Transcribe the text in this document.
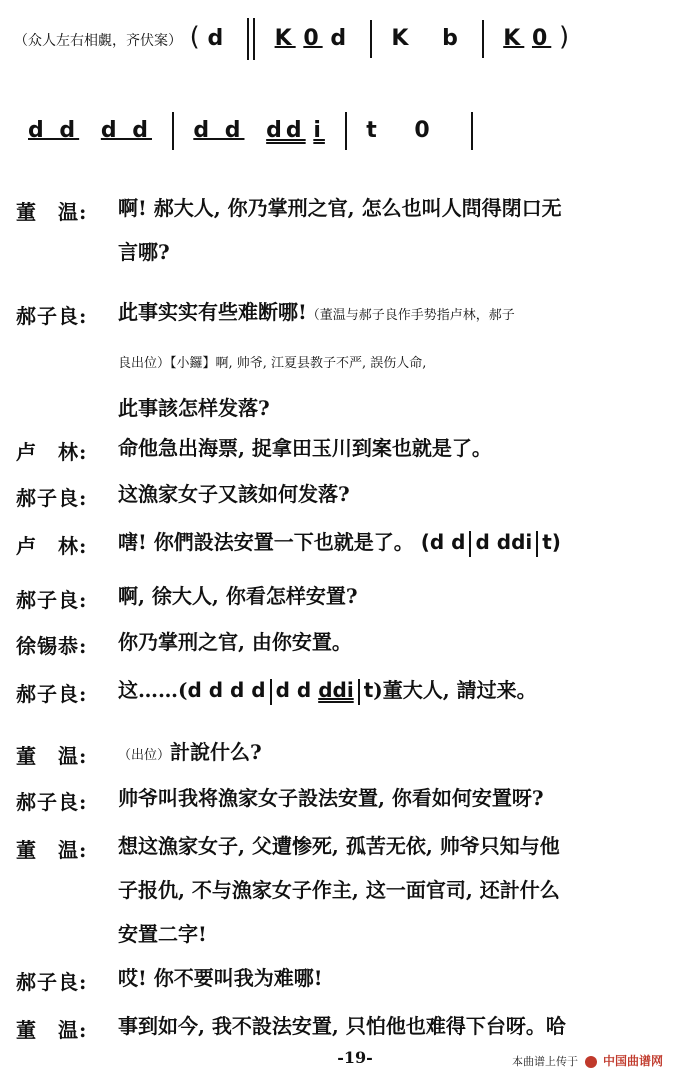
（众人左右相覷，齐伏案） ( d K 0 d K b K 0 )
d d d d d d dd i t 0
董　温:	啊! 郝大人, 你乃掌刑之官, 怎么也叫人問得閉口无
言哪?
郝子良:	此事实实有些难断哪!（董温与郝子良作手势指卢林，郝子
良出位）【小鑼】啊, 帅爷, 江夏县教子不严, 誤伤人命,
此事該怎样发落?
卢　林:	命他急出海票, 捉拿田玉川到案也就是了。
郝子良:	这漁家女子又該如何发落?
卢　林:	嗐! 你們設法安置一下也就是了。 (d d d ddi t)
郝子良:	啊, 徐大人, 你看怎样安置?
徐锡恭:	你乃掌刑之官, 由你安置。
郝子良:	这……(d d d d d d ddi t)董大人, 請过来。
董　温:	（出位）計說什么?
郝子良:	帅爷叫我将漁家女子設法安置, 你看如何安置呀?
董　温:	想这漁家女子, 父遭惨死, 孤苦无依, 帅爷只知与他
子报仇, 不与漁家女子作主, 这一面官司, 还計什么
安置二字!
郝子良:	哎! 你不要叫我为难哪!
董　温:	事到如今, 我不設法安置, 只怕他也难得下台呀。哈
-19-	本曲谱上传于 中国曲谱网
